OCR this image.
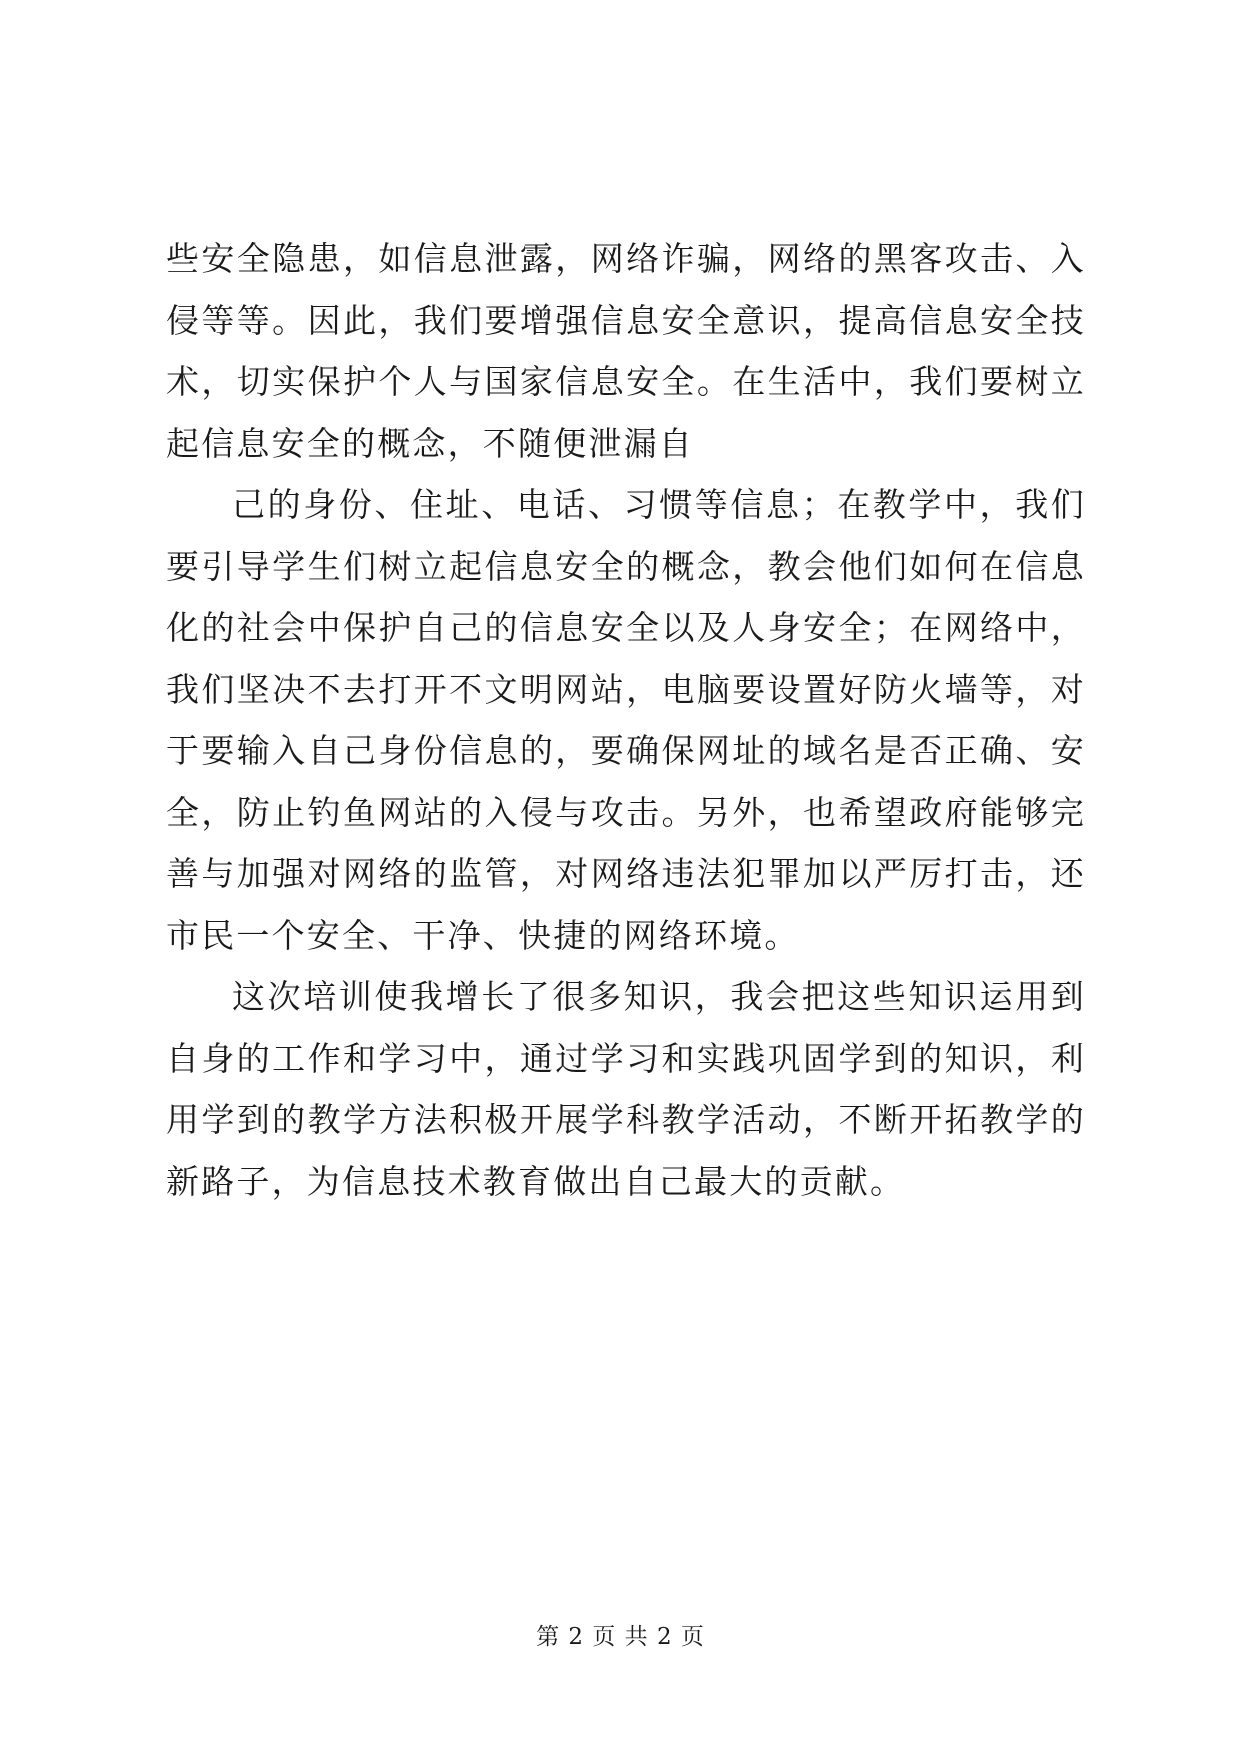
些安全隐患，如信息泄露，网络诈骗，网络的黑客攻击、入侵等等。因此，我们要增强信息安全意识，提高信息安全技术，切实保护个人与国家信息安全。在生活中，我们要树立起信息安全的概念，不随便泄漏自

己的身份、住址、电话、习惯等信息；在教学中，我们要引导学生们树立起信息安全的概念，教会他们如何在信息化的社会中保护自己的信息安全以及人身安全；在网络中，我们坚决不去打开不文明网站，电脑要设置好防火墙等，对于要输入自己身份信息的，要确保网址的域名是否正确、安全，防止钓鱼网站的入侵与攻击。另外，也希望政府能够完善与加强对网络的监管，对网络违法犯罪加以严厉打击，还市民一个安全、干净、快捷的网络环境。

这次培训使我增长了很多知识，我会把这些知识运用到自身的工作和学习中，通过学习和实践巩固学到的知识，利用学到的教学方法积极开展学科教学活动，不断开拓教学的新路子，为信息技术教育做出自己最大的贡献。

第 2 页 共 2 页
